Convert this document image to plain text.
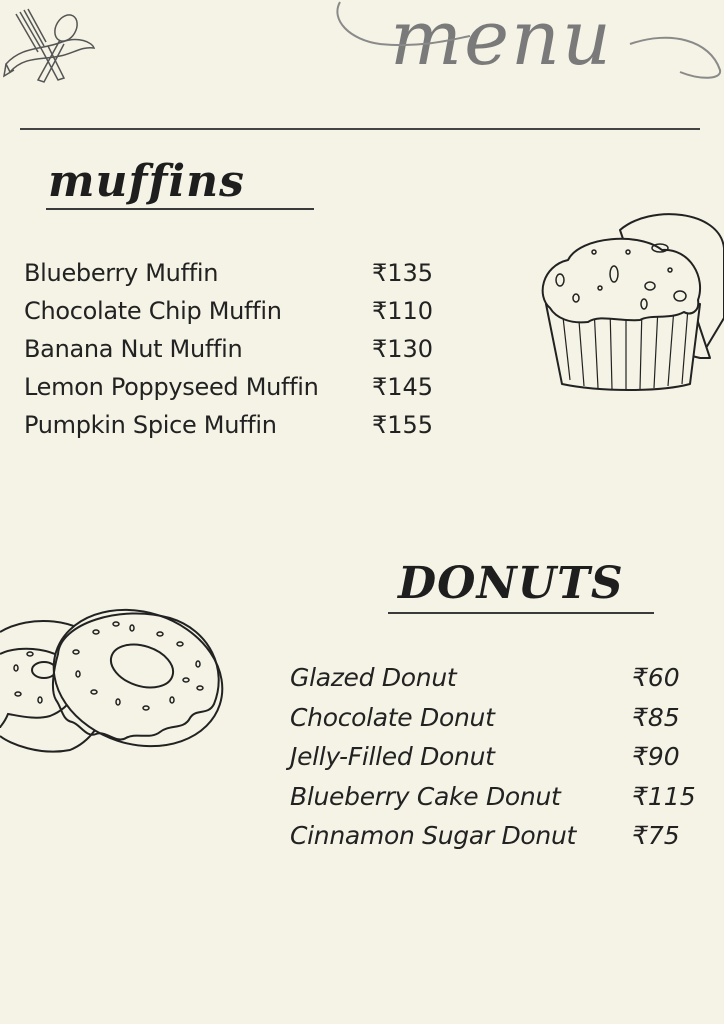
menu
muffins
Blueberry Muffin	₹135
Chocolate Chip Muffin	₹110
Banana Nut Muffin	₹130
Lemon Poppyseed Muffin ₹145
Pumpkin Spice Muffin	₹155
DONUTS
Glazed Donut	₹60
Chocolate Donut	₹85
Jelly-Filled Donut	₹90
Blueberry Cake Donut	₹115
Cinnamon Sugar Donut ₹75
